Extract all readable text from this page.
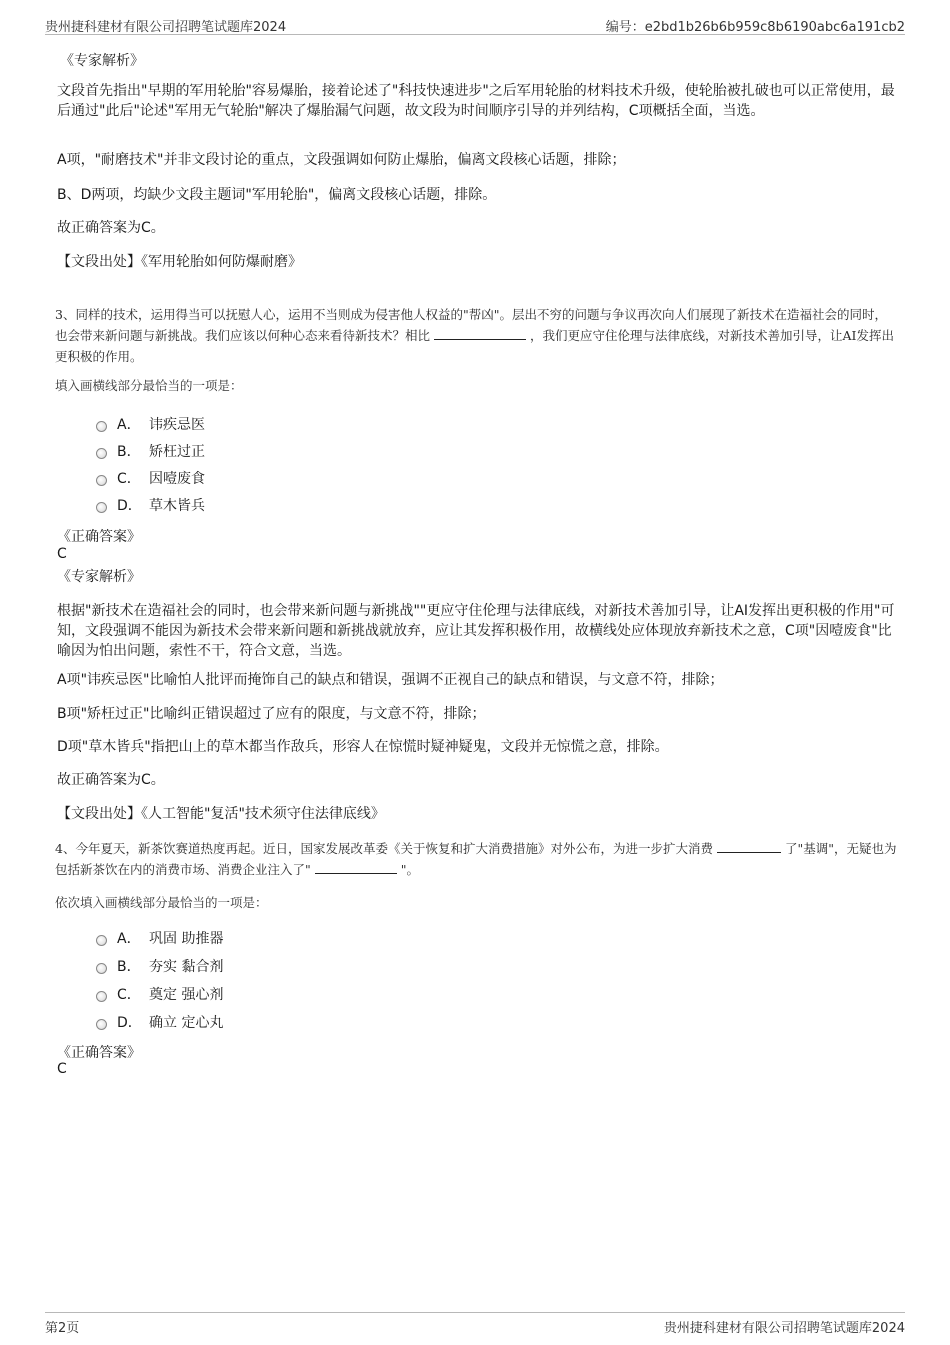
贵州捷科建材有限公司招聘笔试题库2024	编号：e2bd1b26b6b959c8b6190abc6a191cb2
《专家解析》
文段首先指出"早期的军用轮胎"容易爆胎，接着论述了"科技快速进步"之后军用轮胎的材料技术升级，使轮胎被扎破也可以正常使用，最后通过"此后"论述"军用无气轮胎"解决了爆胎漏气问题，故文段为时间顺序引导的并列结构，C项概括全面，当选。
A项，"耐磨技术"并非文段讨论的重点，文段强调如何防止爆胎，偏离文段核心话题，排除；
B、D两项，均缺少文段主题词"军用轮胎"，偏离文段核心话题，排除。
故正确答案为C。
【文段出处】《军用轮胎如何防爆耐磨》
3、同样的技术，运用得当可以抚慰人心，运用不当则成为侵害他人权益的"帮凶"。层出不穷的问题与争议再次向人们展现了新技术在造福社会的同时，也会带来新问题与新挑战。我们应该以何种心态来看待新技术？相比	，我们更应守住伦理与法律底线，对新技术善加引导，让AI发挥出更积极的作用。
填入画横线部分最恰当的一项是：
A． 讳疾忌医
B． 矫枉过正
C． 因噎废食
D． 草木皆兵
《正确答案》
C
《专家解析》
根据"新技术在造福社会的同时，也会带来新问题与新挑战""更应守住伦理与法律底线，对新技术善加引导，让AI发挥出更积极的作用"可知，文段强调不能因为新技术会带来新问题和新挑战就放弃，应让其发挥积极作用，故横线处应体现放弃新技术之意，C项"因噎废食"比喻因为怕出问题，索性不干，符合文意，当选。
A项"讳疾忌医"比喻怕人批评而掩饰自己的缺点和错误，强调不正视自己的缺点和错误，与文意不符，排除；
B项"矫枉过正"比喻纠正错误超过了应有的限度，与文意不符，排除；
D项"草木皆兵"指把山上的草木都当作敌兵，形容人在惊慌时疑神疑鬼，文段并无惊慌之意，排除。
故正确答案为C。
【文段出处】《人工智能"复活"技术须守住法律底线》
4、今年夏天，新茶饮赛道热度再起。近日，国家发展改革委《关于恢复和扩大消费措施》对外公布，为进一步扩大消费	了"基调"，无疑也为包括新茶饮在内的消费市场、消费企业注入了"	"。
依次填入画横线部分最恰当的一项是：
A． 巩固 助推器
B． 夯实 黏合剂
C． 奠定 强心剂
D． 确立 定心丸
《正确答案》
C
第2页	贵州捷科建材有限公司招聘笔试题库2024
